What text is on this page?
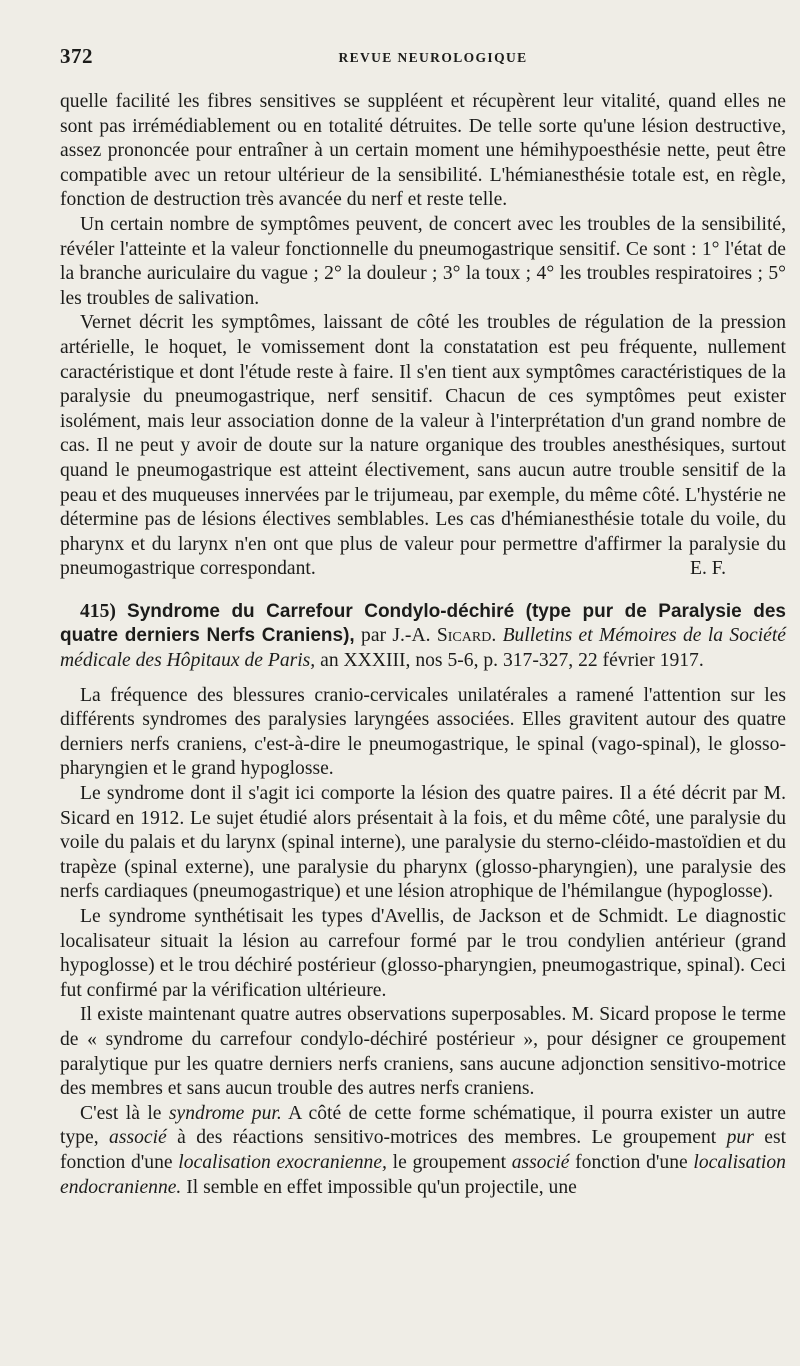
372	REVUE NEUROLOGIQUE

quelle facilité les fibres sensitives se suppléent et récupèrent leur vitalité, quand elles ne sont pas irrémédiablement ou en totalité détruites. De telle sorte qu'une lésion destructive, assez prononcée pour entraîner à un certain moment une hémihypoesthésie nette, peut être compatible avec un retour ultérieur de la sensibilité. L'hémianesthésie totale est, en règle, fonction de destruction très avancée du nerf et reste telle.

Un certain nombre de symptômes peuvent, de concert avec les troubles de la sensibilité, révéler l'atteinte et la valeur fonctionnelle du pneumogastrique sensitif. Ce sont : 1° l'état de la branche auriculaire du vague ; 2° la douleur ; 3° la toux ; 4° les troubles respiratoires ; 5° les troubles de salivation.

Vernet décrit les symptômes, laissant de côté les troubles de régulation de la pression artérielle, le hoquet, le vomissement dont la constatation est peu fréquente, nullement caractéristique et dont l'étude reste à faire. Il s'en tient aux symptômes caractéristiques de la paralysie du pneumogastrique, nerf sensitif. Chacun de ces symptômes peut exister isolément, mais leur association donne de la valeur à l'interprétation d'un grand nombre de cas. Il ne peut y avoir de doute sur la nature organique des troubles anesthésiques, surtout quand le pneumogastrique est atteint électivement, sans aucun autre trouble sensitif de la peau et des muqueuses innervées par le trijumeau, par exemple, du même côté. L'hystérie ne détermine pas de lésions électives semblables. Les cas d'hémianesthésie totale du voile, du pharynx et du larynx n'en ont que plus de valeur pour permettre d'affirmer la paralysie du pneumogastrique correspondant.	E. F.

415) Syndrome du Carrefour Condylo-déchiré (type pur de Paralysie des quatre derniers Nerfs Craniens), par J.-A. Sicard. Bulletins et Mémoires de la Société médicale des Hôpitaux de Paris, an XXXIII, nos 5-6, p. 317-327, 22 février 1917.

La fréquence des blessures cranio-cervicales unilatérales a ramené l'attention sur les différents syndromes des paralysies laryngées associées. Elles gravitent autour des quatre derniers nerfs craniens, c'est-à-dire le pneumogastrique, le spinal (vago-spinal), le glosso-pharyngien et le grand hypoglosse.

Le syndrome dont il s'agit ici comporte la lésion des quatre paires. Il a été décrit par M. Sicard en 1912. Le sujet étudié alors présentait à la fois, et du même côté, une paralysie du voile du palais et du larynx (spinal interne), une paralysie du sterno-cléido-mastoïdien et du trapèze (spinal externe), une paralysie du pharynx (glosso-pharyngien), une paralysie des nerfs cardiaques (pneumogastrique) et une lésion atrophique de l'hémilangue (hypoglosse).

Le syndrome synthétisait les types d'Avellis, de Jackson et de Schmidt. Le diagnostic localisateur situait la lésion au carrefour formé par le trou condylien antérieur (grand hypoglosse) et le trou déchiré postérieur (glosso-pharyngien, pneumogastrique, spinal). Ceci fut confirmé par la vérification ultérieure.

Il existe maintenant quatre autres observations superposables. M. Sicard propose le terme de « syndrome du carrefour condylo-déchiré postérieur », pour désigner ce groupement paralytique pur les quatre derniers nerfs craniens, sans aucune adjonction sensitivo-motrice des membres et sans aucun trouble des autres nerfs craniens.

C'est là le syndrome pur. A côté de cette forme schématique, il pourra exister un autre type, associé à des réactions sensitivo-motrices des membres. Le groupement pur est fonction d'une localisation exocranienne, le groupement associé fonction d'une localisation endocranienne. Il semble en effet impossible qu'un projectile, une
